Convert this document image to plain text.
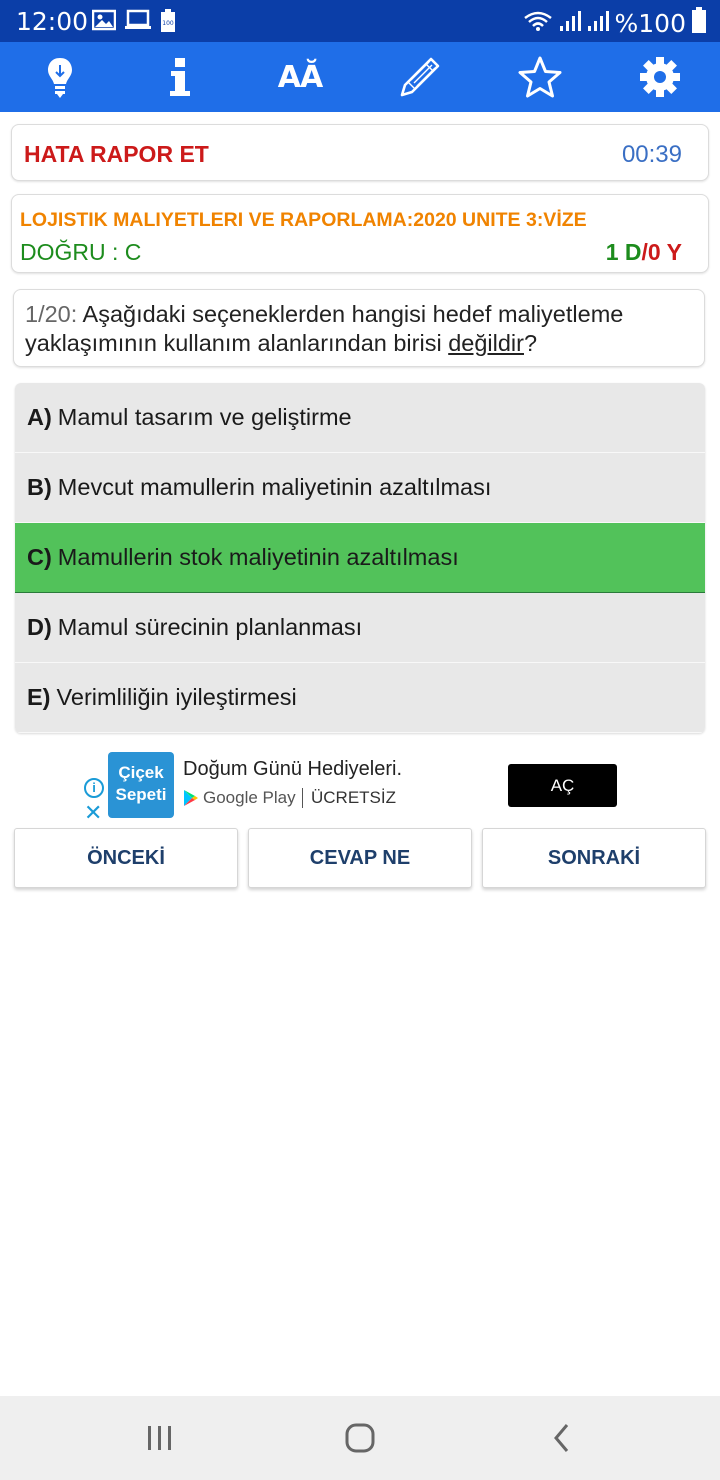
12:00	100	%100
AĂ
HATA RAPOR ET	00:39
LOJISTIK MALIYETLERI VE RAPORLAMA:2020 UNITE 3:VİZE
DOĞRU : C	1 D/0 Y
1/20: Aşağıdaki seçeneklerden hangisi hedef maliyetleme yaklaşımının kullanım alanlarından birisi değildir?
A) Mamul tasarım ve geliştirme
B) Mevcut mamullerin maliyetinin azaltılması
C) Mamullerin stok maliyetinin azaltılması
D) Mamul sürecinin planlanması
E) Verimliliğin iyileştirmesi
i
✕
Çiçek
Sepeti
Doğum Günü Hediyeleri.
Google Play ÜCRETSİZ
AÇ
ÖNCEKİ	CEVAP NE	SONRAKİ
